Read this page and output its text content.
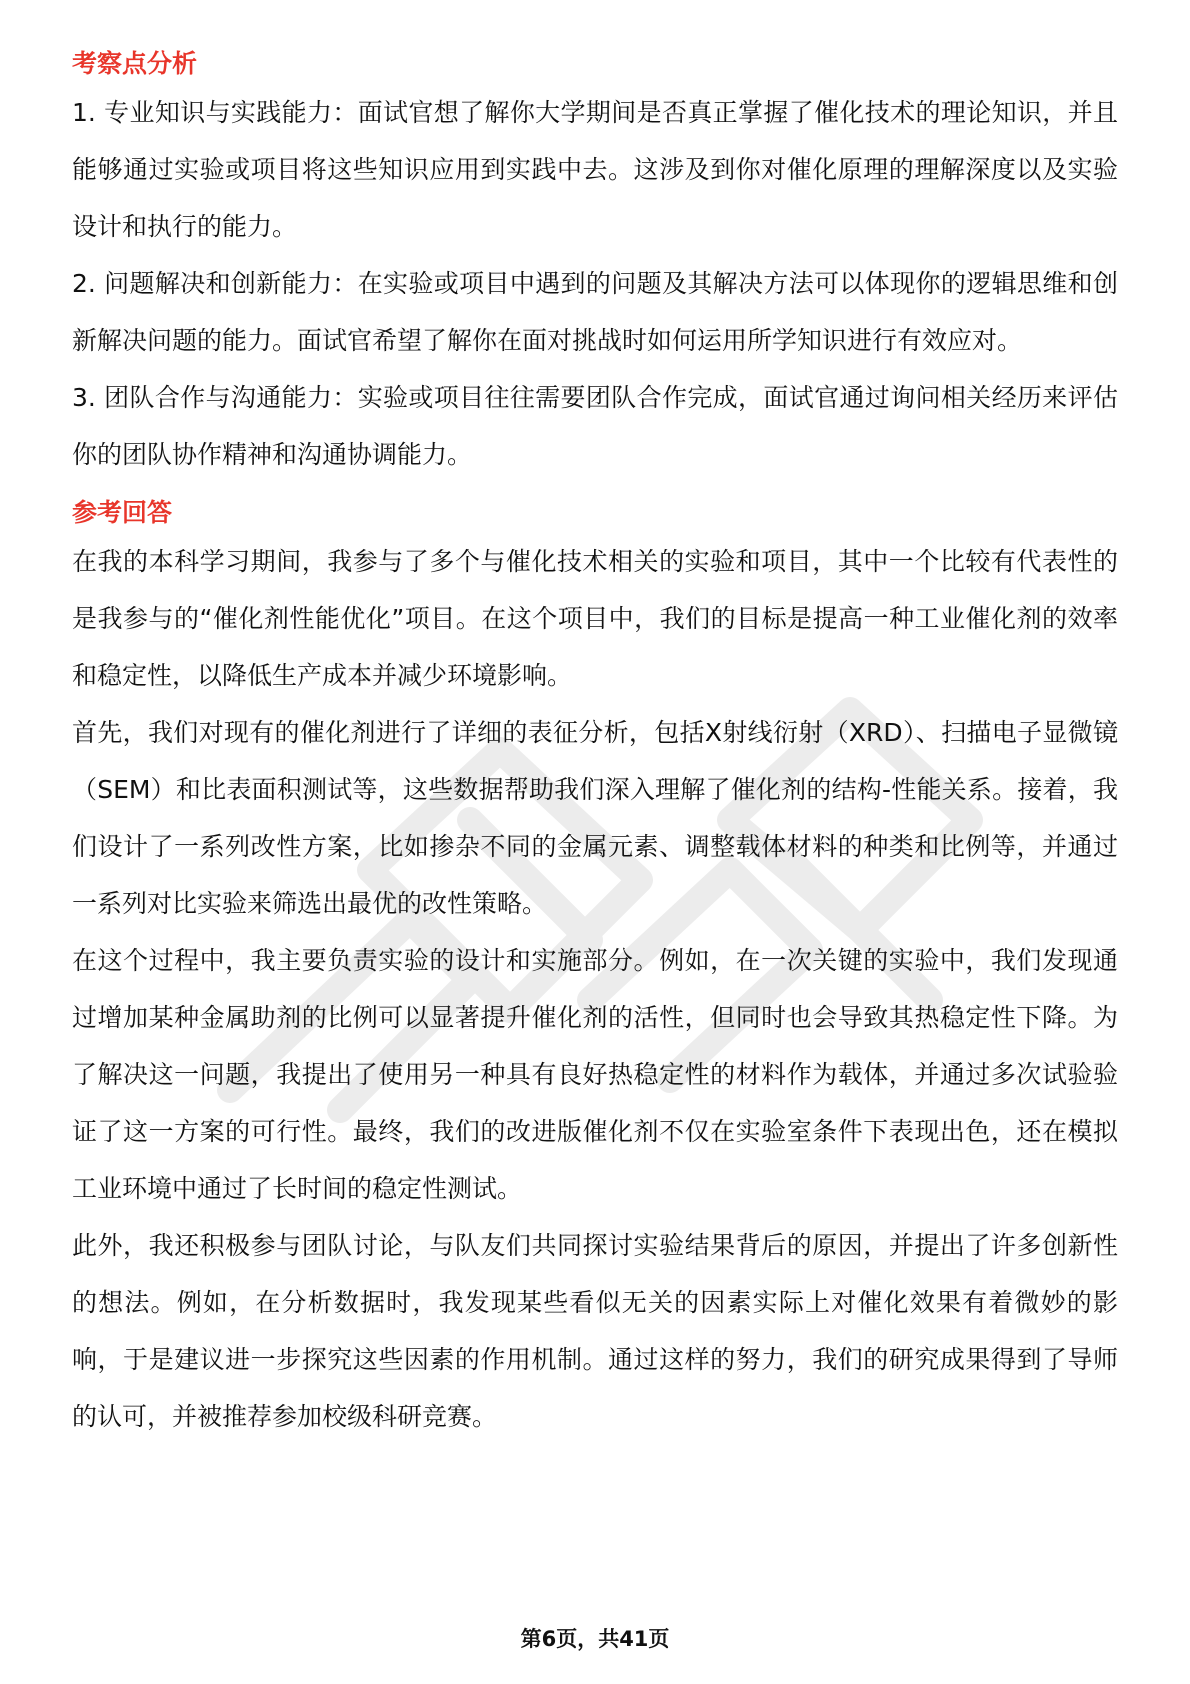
考察点分析

1. 专业知识与实践能力：面试官想了解你大学期间是否真正掌握了催化技术的理论知识，并且能够通过实验或项目将这些知识应用到实践中去。这涉及到你对催化原理的理解深度以及实验设计和执行的能力。

2. 问题解决和创新能力：在实验或项目中遇到的问题及其解决方法可以体现你的逻辑思维和创新解决问题的能力。面试官希望了解你在面对挑战时如何运用所学知识进行有效应对。

3. 团队合作与沟通能力：实验或项目往往需要团队合作完成，面试官通过询问相关经历来评估你的团队协作精神和沟通协调能力。

参考回答

在我的本科学习期间，我参与了多个与催化技术相关的实验和项目，其中一个比较有代表性的是我参与的“催化剂性能优化”项目。在这个项目中，我们的目标是提高一种工业催化剂的效率和稳定性，以降低生产成本并减少环境影响。

首先，我们对现有的催化剂进行了详细的表征分析，包括X射线衍射（XRD）、扫描电子显微镜（SEM）和比表面积测试等，这些数据帮助我们深入理解了催化剂的结构-性能关系。接着，我们设计了一系列改性方案，比如掺杂不同的金属元素、调整载体材料的种类和比例等，并通过一系列对比实验来筛选出最优的改性策略。

在这个过程中，我主要负责实验的设计和实施部分。例如，在一次关键的实验中，我们发现通过增加某种金属助剂的比例可以显著提升催化剂的活性，但同时也会导致其热稳定性下降。为了解决这一问题，我提出了使用另一种具有良好热稳定性的材料作为载体，并通过多次试验验证了这一方案的可行性。最终，我们的改进版催化剂不仅在实验室条件下表现出色，还在模拟工业环境中通过了长时间的稳定性测试。

此外，我还积极参与团队讨论，与队友们共同探讨实验结果背后的原因，并提出了许多创新性的想法。例如，在分析数据时，我发现某些看似无关的因素实际上对催化效果有着微妙的影响，于是建议进一步探究这些因素的作用机制。通过这样的努力，我们的研究成果得到了导师的认可，并被推荐参加校级科研竞赛。

第6页，共41页
